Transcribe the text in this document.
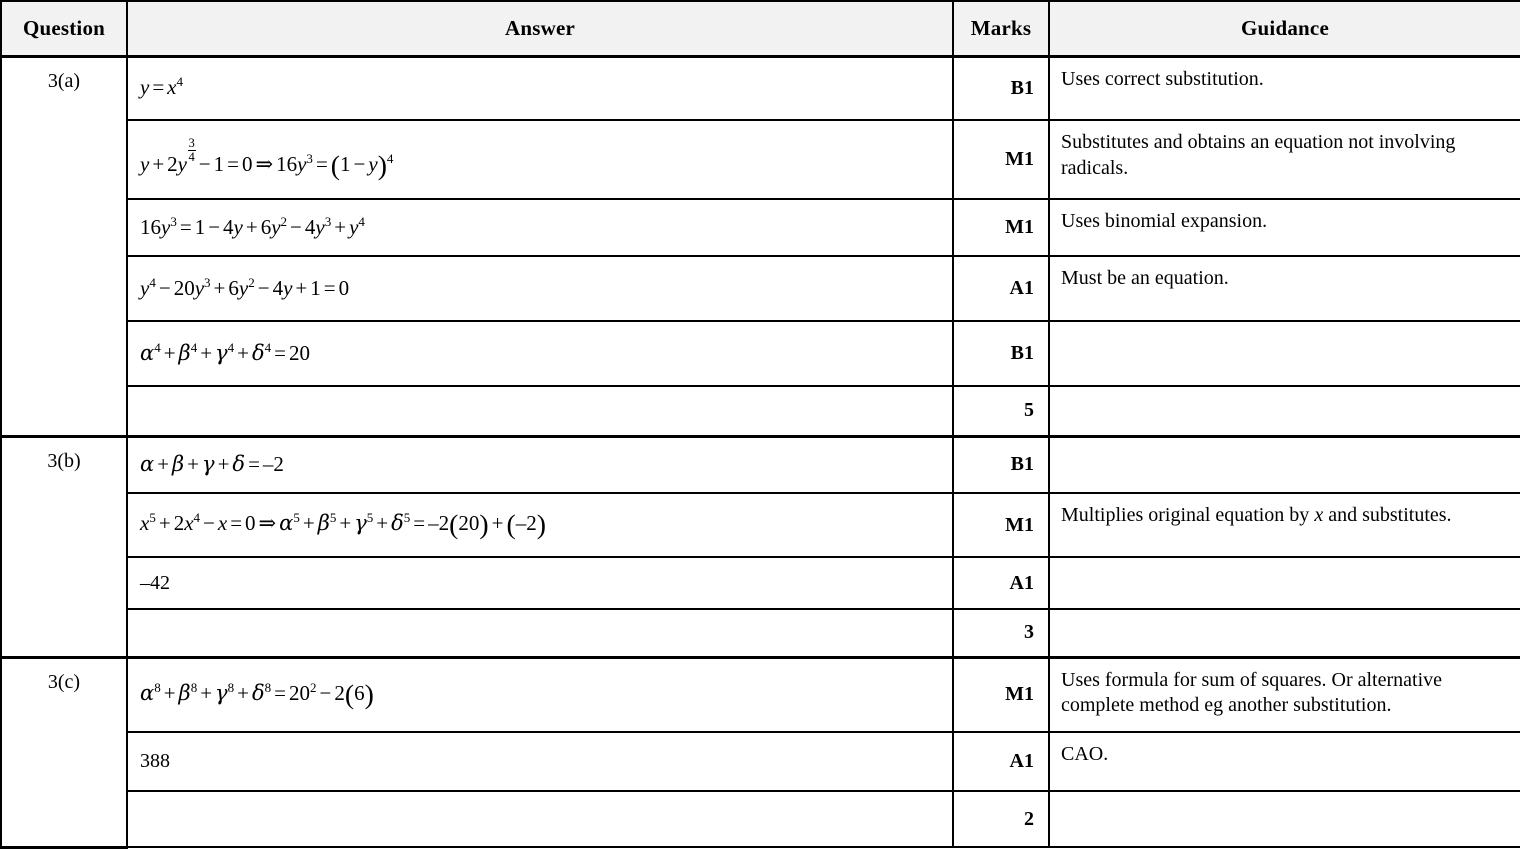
Question	Answer	Marks	Guidance
3(a)	$y = x^4$	B1	Uses correct substitution.
	$y + 2y \frac{3}{4} - 1 = 0$ ⇒ $16y^3 = (1 - y)^4$	M1	Substitutes and obtains an equation not involving radicals.
	$16y^3 = 1 - 4y + 6y^2 - 4y^3 + y^4$	M1	Uses binomial expansion.
	$y^4 - 20y^3 + 6y^2 - 4y + 1 = 0$	A1	Must be an equation.
	$\alpha^4 + \beta^4 + \gamma^4 + \delta^4 = 20$	B1	
		5	
3(b)	α + β + γ + δ = –2	B1	
	$x^5 + 2x^4 - x = 0$ ⇒ $\alpha^5 + \beta^5 + \gamma^5 + \delta^5 = -2(20) + (-2)$	M1	Multiplies original equation by x and substitutes.
	–42	A1	
		3	
3(c)	$\alpha^8 + \beta^8 + \gamma^8 + \delta^8 = 20^2 - 2(6)$	M1	Uses formula for sum of squares. Or alternative complete method eg another substitution.
	388	A1	CAO.
		2	
